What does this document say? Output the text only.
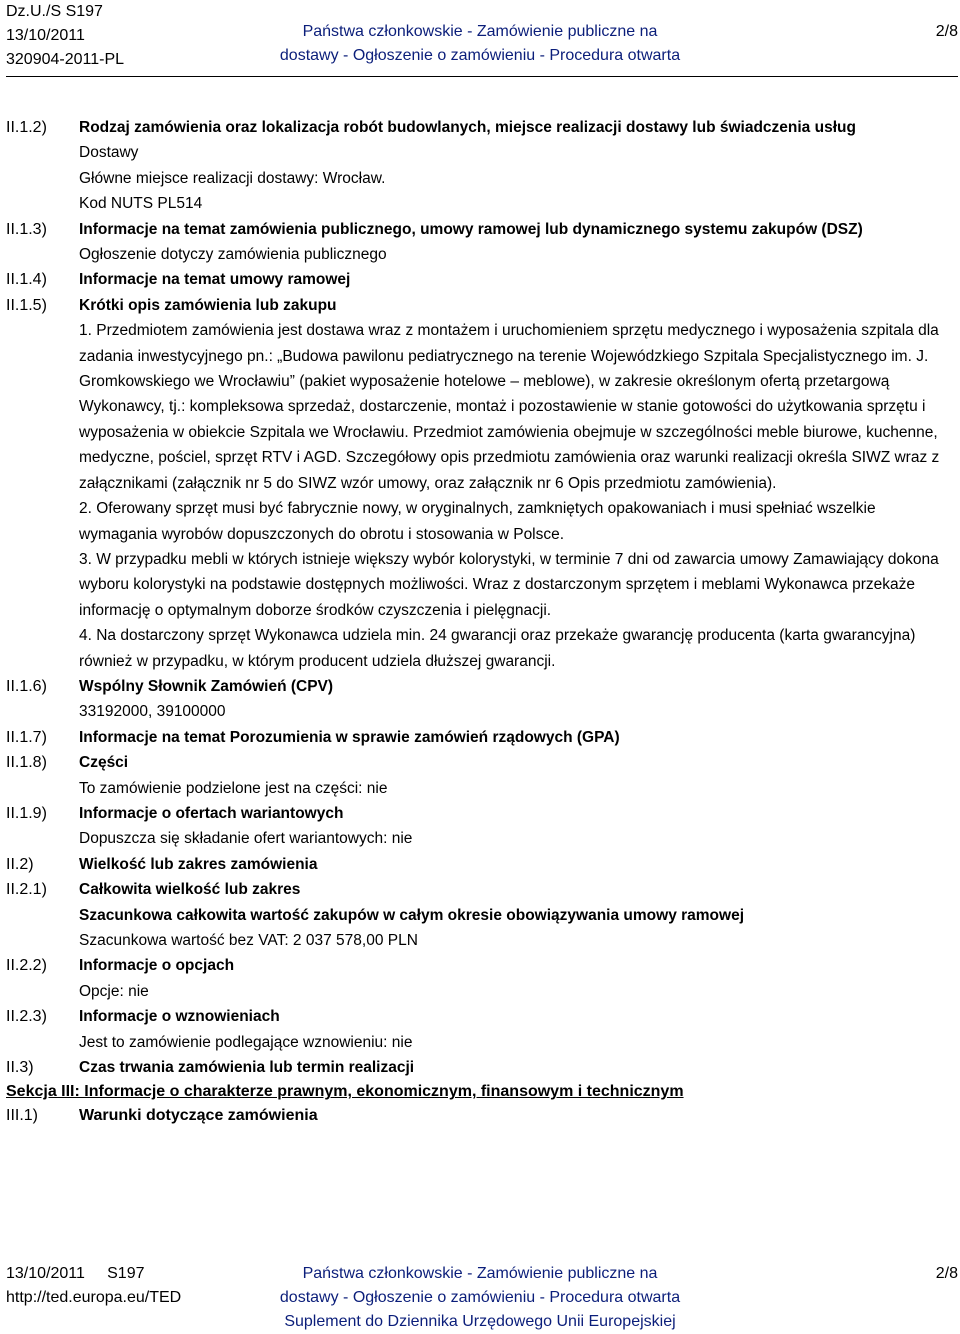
Dz.U./S S197
13/10/2011
320904-2011-PL
Państwa członkowskie - Zamówienie publiczne na
dostawy - Ogłoszenie o zamówieniu - Procedura otwarta
2/8
II.1.2) Rodzaj zamówienia oraz lokalizacja robót budowlanych, miejsce realizacji dostawy lub świadczenia usług
Dostawy
Główne miejsce realizacji dostawy: Wrocław.
Kod NUTS PL514
II.1.3) Informacje na temat zamówienia publicznego, umowy ramowej lub dynamicznego systemu zakupów (DSZ)
Ogłoszenie dotyczy zamówienia publicznego
II.1.4) Informacje na temat umowy ramowej
II.1.5) Krótki opis zamówienia lub zakupu
1. Przedmiotem zamówienia jest dostawa wraz z montażem i uruchomieniem sprzętu medycznego i wyposażenia szpitala dla zadania inwestycyjnego pn.: „Budowa pawilonu pediatrycznego na terenie Wojewódzkiego Szpitala Specjalistycznego im. J. Gromkowskiego we Wrocławiu” (pakiet wyposażenie hotelowe – meblowe), w zakresie określonym ofertą przetargową Wykonawcy, tj.: kompleksowa sprzedaż, dostarczenie, montaż i pozostawienie w stanie gotowości do użytkowania sprzętu i wyposażenia w obiekcie Szpitala we Wrocławiu. Przedmiot zamówienia obejmuje w szczególności meble biurowe, kuchenne, medyczne, pościel, sprzęt RTV i AGD. Szczegółowy opis przedmiotu zamówienia oraz warunki realizacji określa SIWZ wraz z załącznikami (załącznik nr 5 do SIWZ wzór umowy, oraz załącznik nr 6 Opis przedmiotu zamówienia).
2. Oferowany sprzęt musi być fabrycznie nowy, w oryginalnych, zamkniętych opakowaniach i musi spełniać wszelkie wymagania wyrobów dopuszczonych do obrotu i stosowania w Polsce.
3. W przypadku mebli w których istnieje większy wybór kolorystyki, w terminie 7 dni od zawarcia umowy Zamawiający dokona wyboru kolorystyki na podstawie dostępnych możliwości. Wraz z dostarczonym sprzętem i meblami Wykonawca przekaże informację o optymalnym doborze środków czyszczenia i pielęgnacji.
4. Na dostarczony sprzęt Wykonawca udziela min. 24 gwarancji oraz przekaże gwarancję producenta (karta gwarancyjna) również w przypadku, w którym producent udziela dłuższej gwarancji.
II.1.6) Wspólny Słownik Zamówień (CPV)
33192000, 39100000
II.1.7) Informacje na temat Porozumienia w sprawie zamówień rządowych (GPA)
II.1.8) Części
To zamówienie podzielone jest na części: nie
II.1.9) Informacje o ofertach wariantowych
Dopuszcza się składanie ofert wariantowych: nie
II.2)	Wielkość lub zakres zamówienia
II.2.1) Całkowita wielkość lub zakres
Szacunkowa całkowita wartość zakupów w całym okresie obowiązywania umowy ramowej
Szacunkowa wartość bez VAT: 2 037 578,00 PLN
II.2.2) Informacje o opcjach
Opcje: nie
II.2.3) Informacje o wznowieniach
Jest to zamówienie podlegające wznowieniu: nie
II.3)	Czas trwania zamówienia lub termin realizacji
Sekcja III: Informacje o charakterze prawnym, ekonomicznym, finansowym i technicznym
III.1)	Warunki dotyczące zamówienia
13/10/2011 S197
http://ted.europa.eu/TED
Państwa członkowskie - Zamówienie publiczne na
dostawy - Ogłoszenie o zamówieniu - Procedura otwarta
Suplement do Dziennika Urzędowego Unii Europejskiej
2/8
